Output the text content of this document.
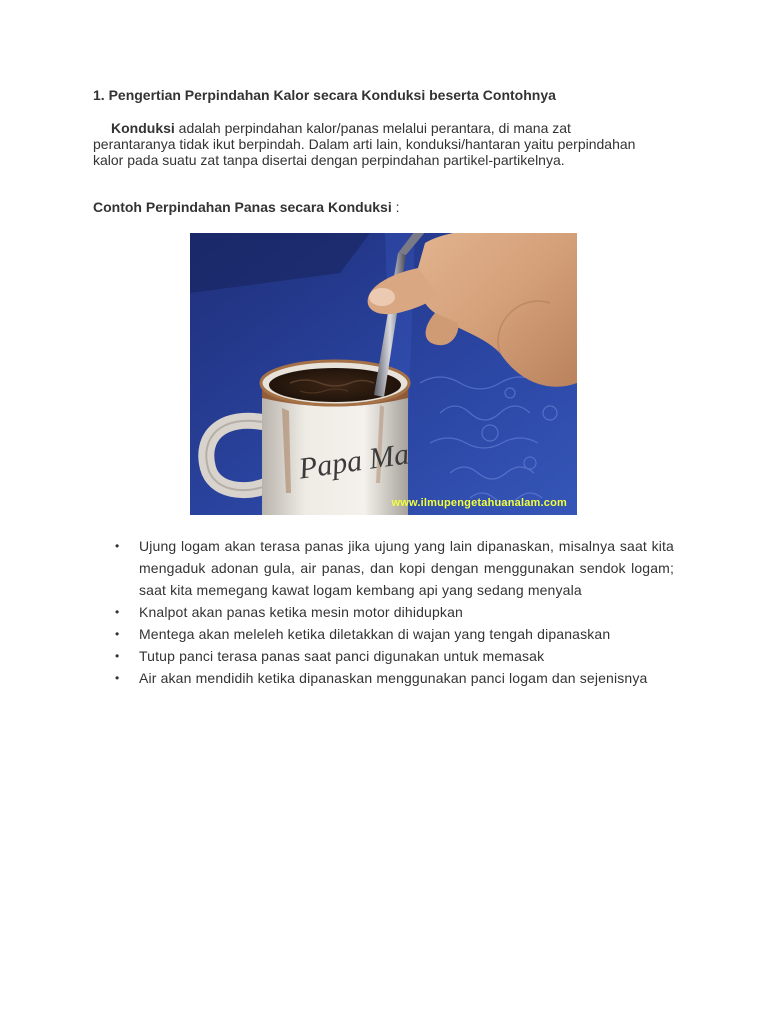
1. Pengertian Perpindahan Kalor secara Konduksi beserta Contohnya

Konduksi adalah perpindahan kalor/panas melalui perantara, di mana zat perantaranya tidak ikut berpindah. Dalam arti lain, konduksi/hantaran yaitu perpindahan kalor pada suatu zat tanpa disertai dengan perpindahan partikel-partikelnya.

Contoh Perpindahan Panas secara Konduksi :
Papa Ma
www.ilmupengetahuanalam.com
• Ujung logam akan terasa panas jika ujung yang lain dipanaskan, misalnya saat kita mengaduk adonan gula, air panas, dan kopi dengan menggunakan sendok logam; saat kita memegang kawat logam kembang api yang sedang menyala
• Knalpot akan panas ketika mesin motor dihidupkan
• Mentega akan meleleh ketika diletakkan di wajan yang tengah dipanaskan
• Tutup panci terasa panas saat panci digunakan untuk memasak
• Air akan mendidih ketika dipanaskan menggunakan panci logam dan sejenisnya
